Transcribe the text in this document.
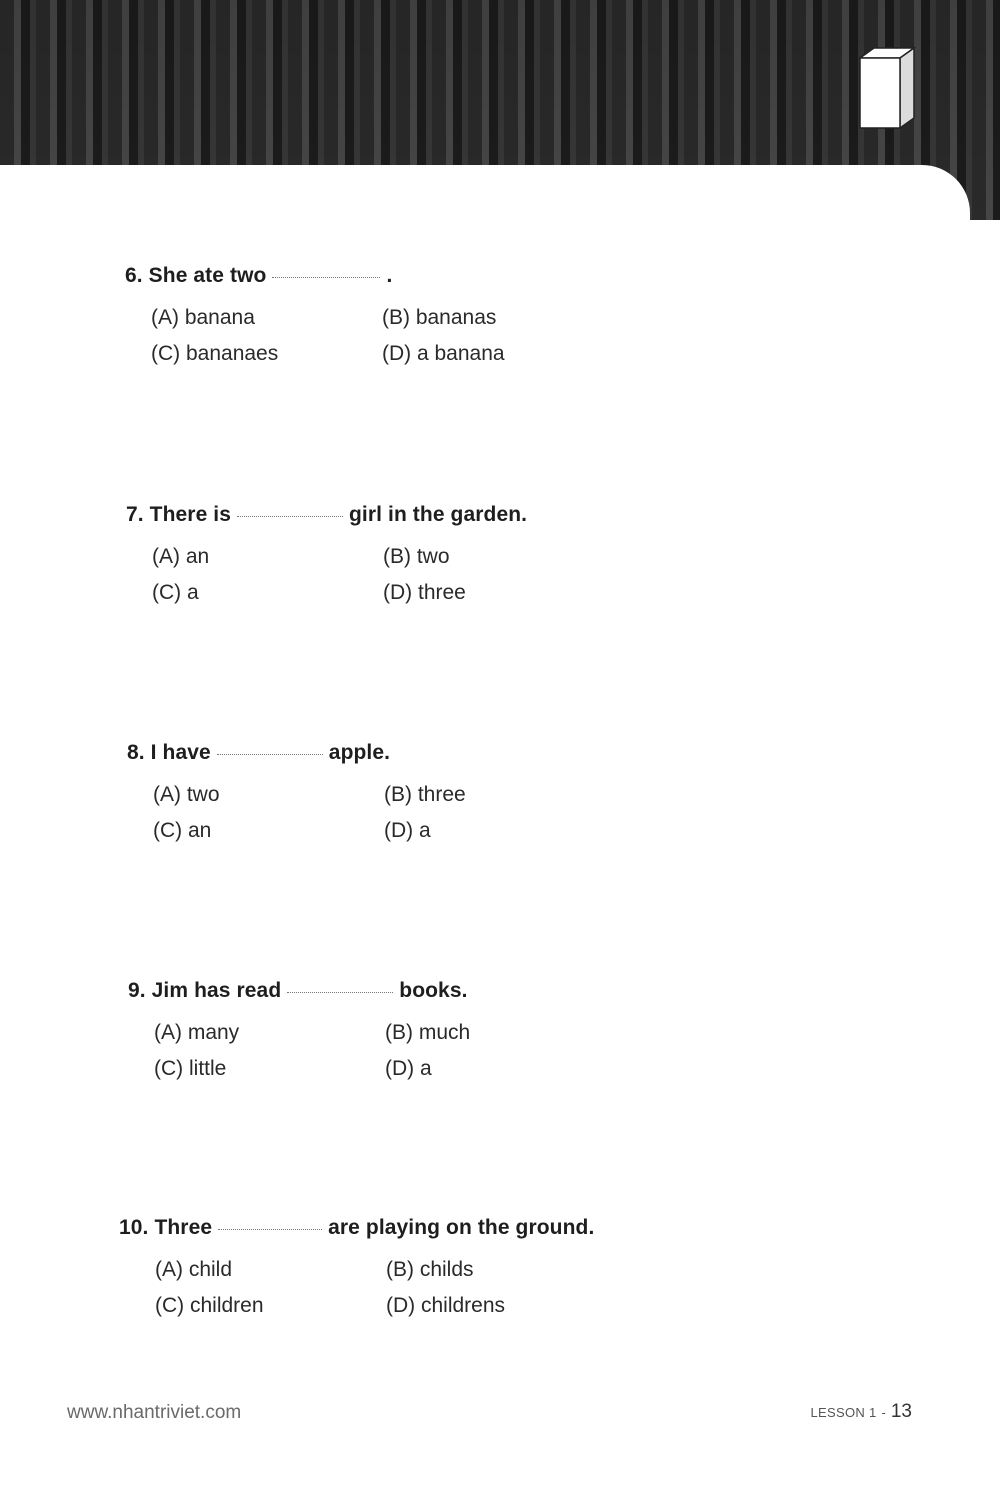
6. She ate two	.
(A) banana	(B) bananas
(C) bananaes	(D) a banana
7. There is	girl in the garden.
(A) an	(B) two
(C) a	(D) three
8. I have	apple.
(A) two	(B) three
(C) an	(D) a
9. Jim has read	books.
(A) many	(B) much
(C) little	(D) a
10. Three	are playing on the ground.
(A) child	(B) childs
(C) children	(D) childrens
www.nhantriviet.com	LESSON 1 - 13
